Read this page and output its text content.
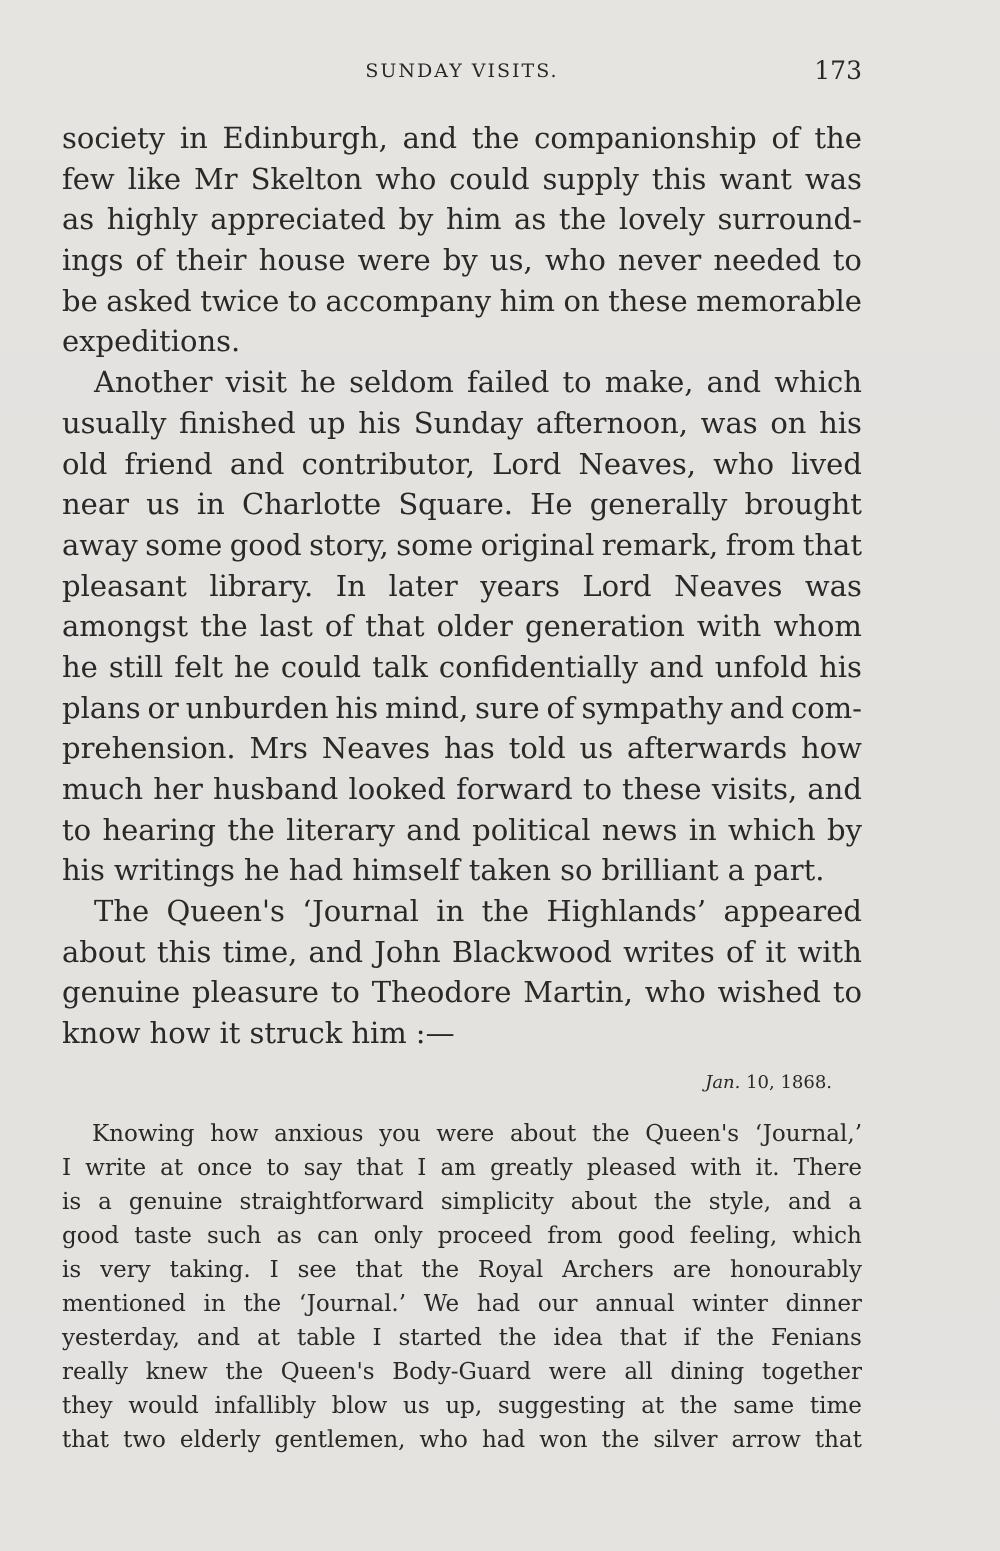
SUNDAY VISITS.	173
society in Edinburgh, and the companionship of the
few like Mr Skelton who could supply this want was
as highly appreciated by him as the lovely surround-
ings of their house were by us, who never needed to
be asked twice to accompany him on these memorable
expeditions.
Another visit he seldom failed to make, and which
usually finished up his Sunday afternoon, was on his
old friend and contributor, Lord Neaves, who lived
near us in Charlotte Square. He generally brought
away some good story, some original remark, from that
pleasant library. In later years Lord Neaves was
amongst the last of that older generation with whom
he still felt he could talk confidentially and unfold his
plans or unburden his mind, sure of sympathy and com-
prehension. Mrs Neaves has told us afterwards how
much her husband looked forward to these visits, and
to hearing the literary and political news in which by
his writings he had himself taken so brilliant a part.
The Queen's ‘Journal in the Highlands’ appeared
about this time, and John Blackwood writes of it with
genuine pleasure to Theodore Martin, who wished to
know how it struck him :—
Jan. 10, 1868.
Knowing how anxious you were about the Queen's ‘Journal,’
I write at once to say that I am greatly pleased with it. There
is a genuine straightforward simplicity about the style, and a
good taste such as can only proceed from good feeling, which
is very taking. I see that the Royal Archers are honourably
mentioned in the ‘Journal.’ We had our annual winter dinner
yesterday, and at table I started the idea that if the Fenians
really knew the Queen's Body-Guard were all dining together
they would infallibly blow us up, suggesting at the same time
that two elderly gentlemen, who had won the silver arrow that
